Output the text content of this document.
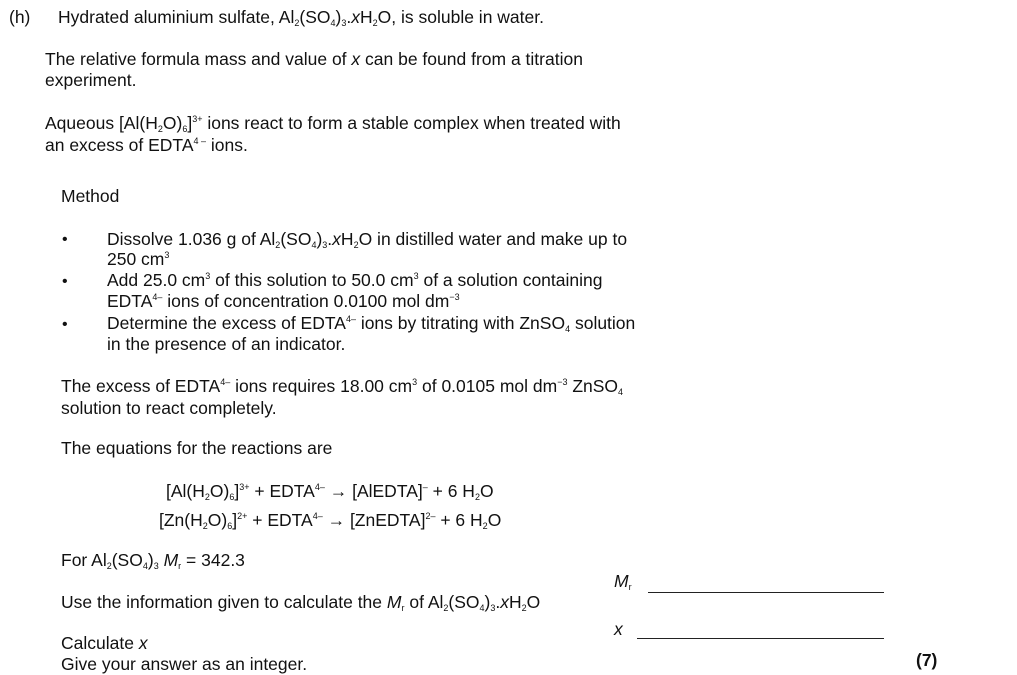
(h) Hydrated aluminium sulfate, $Al_2(SO_4)_3.xH_2O$, is soluble in water.
The relative formula mass and value of x can be found from a titration
experiment.
Aqueous $[Al(H_2O)_6]^{3+}$ ions react to form a stable complex when treated with
an excess of $EDTA^{4 -}$ ions.
Method
• Dissolve 1.036 g of $Al_2(SO_4)_3.xH_2O$ in distilled water and make up to
250 $cm^3$
• Add 25.0 $cm^3$ of this solution to 50.0 $cm^3$ of a solution containing
$EDTA^{4-}$ ions of concentration 0.0100 mol $dm^{-3}$
• Determine the excess of $EDTA^{4-}$ ions by titrating with ZnSO$_4$ solution
in the presence of an indicator.
The excess of $EDTA^{4-}$ ions requires 18.00 $cm^3$ of 0.0105 mol $dm^{-3}$ ZnSO$_4$
solution to react completely.
The equations for the reactions are
$[Al(H_2O)_6]^{3+}$ + $EDTA^{4-}$ → [AlEDTA]– + 6 $H_2O$
$[Zn(H_2O)_6]^{2+}$ + $EDTA^{4-}$ → [ZnEDTA]$^{2-}$ + 6 $H_2O$
For $Al_2(SO_4)_3$ $M_r = 342.3$
$M_r$
Use the information given to calculate the $M_r$ of $Al_2(SO_4)_3.xH_2O$
x
Calculate x
Give your answer as an integer.	(7)
